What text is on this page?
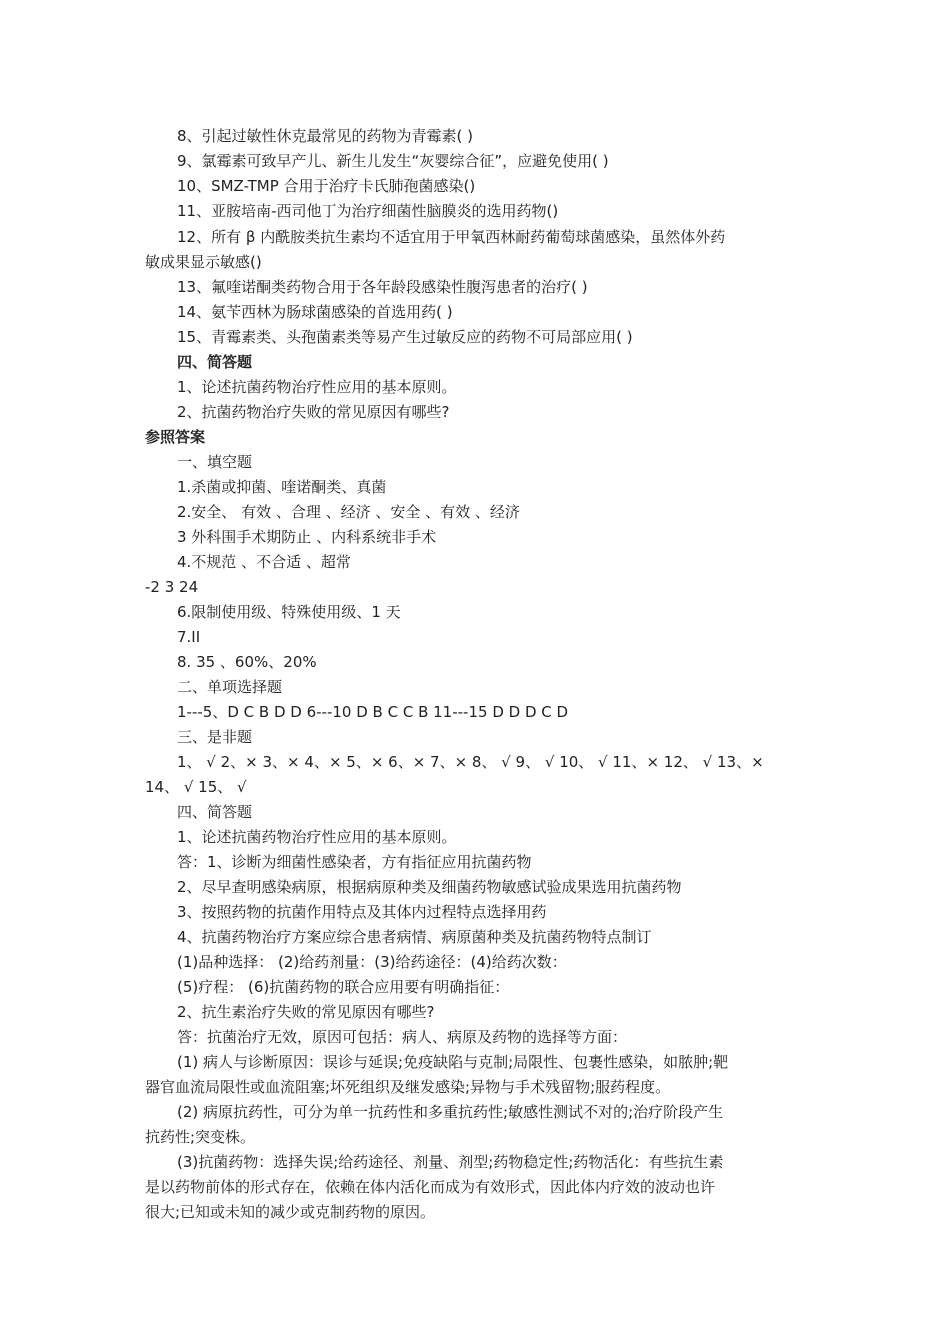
8、引起过敏性休克最常见的药物为青霉素( )
9、氯霉素可致早产儿、新生儿发生“灰婴综合征”，应避免使用( )
10、SMZ-TMP 合用于治疗卡氏肺孢菌感染()
11、亚胺培南-西司他丁为治疗细菌性脑膜炎的选用药物()
12、所有 β 内酰胺类抗生素均不适宜用于甲氧西林耐药葡萄球菌感染，虽然体外药
敏成果显示敏感()
13、氟喹诺酮类药物合用于各年龄段感染性腹泻患者的治疗( )
14、氨苄西林为肠球菌感染的首选用药( )
15、青霉素类、头孢菌素类等易产生过敏反应的药物不可局部应用( )
四、简答题
1、论述抗菌药物治疗性应用的基本原则。
2、抗菌药物治疗失败的常见原因有哪些?
参照答案
一、填空题
1.杀菌或抑菌、喹诺酮类、真菌
2.安全、 有效 、合理 、经济 、安全 、有效 、经济
3 外科围手术期防止 、内科系统非手术
4.不规范 、不合适 、超常
-2 3 24
6.限制使用级、特殊使用级、1 天
7.II
8. 35 、60%、20%
二、单项选择题
1---5、D C B D D 6---10 D B C C B 11---15 D D D C D
三、是非题
1、 √ 2、× 3、× 4、× 5、× 6、× 7、× 8、 √ 9、 √ 10、 √ 11、× 12、 √ 13、×
14、 √ 15、 √
四、简答题
1、论述抗菌药物治疗性应用的基本原则。
答：1、诊断为细菌性感染者，方有指征应用抗菌药物
2、尽早查明感染病原，根据病原种类及细菌药物敏感试验成果选用抗菌药物
3、按照药物的抗菌作用特点及其体内过程特点选择用药
4、抗菌药物治疗方案应综合患者病情、病原菌种类及抗菌药物特点制订
(1)品种选择： (2)给药剂量：(3)给药途径：(4)给药次数：
(5)疗程： (6)抗菌药物的联合应用要有明确指征：
2、抗生素治疗失败的常见原因有哪些?
答：抗菌治疗无效，原因可包括：病人、病原及药物的选择等方面：
(1) 病人与诊断原因：误诊与延误;免疫缺陷与克制;局限性、包裹性感染，如脓肿;靶
器官血流局限性或血流阻塞;坏死组织及继发感染;异物与手术残留物;服药程度。
(2) 病原抗药性，可分为单一抗药性和多重抗药性;敏感性测试不对的;治疗阶段产生
抗药性;突变株。
(3)抗菌药物：选择失误;给药途径、剂量、剂型;药物稳定性;药物活化：有些抗生素
是以药物前体的形式存在，依赖在体内活化而成为有效形式，因此体内疗效的波动也许
很大;已知或未知的减少或克制药物的原因。
